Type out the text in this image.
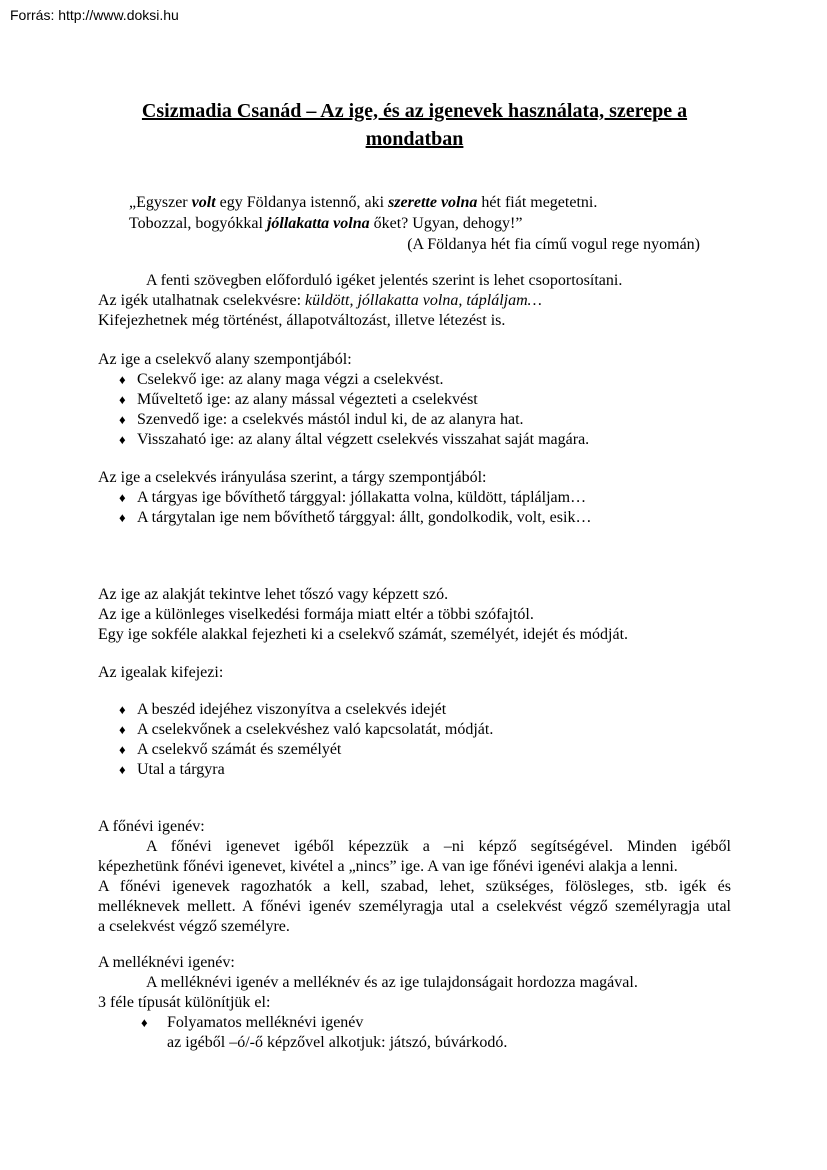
Forrás: http://www.doksi.hu
Csizmadia Csanád – Az ige, és az igenevek használata, szerepe a mondatban
„Egyszer volt egy Földanya istennő, aki szerette volna hét fiát megetetni.
Tobozzal, bogyókkal jóllakatta volna őket? Ugyan, dehogy!”
(A Földanya hét fia című vogul rege nyomán)
A fenti szövegben előforduló igéket jelentés szerint is lehet csoportosítani.
Az igék utalhatnak cselekvésre: küldött, jóllakatta volna, tápláljam…
Kifejezhetnek még történést, állapotváltozást, illetve létezést is.
Az ige a cselekvő alany szempontjából:
♦ Cselekvő ige: az alany maga végzi a cselekvést.
♦ Műveltető ige: az alany mással végezteti a cselekvést
♦ Szenvedő ige: a cselekvés mástól indul ki, de az alanyra hat.
♦ Visszaható ige: az alany által végzett cselekvés visszahat saját magára.
Az ige a cselekvés irányulása szerint, a tárgy szempontjából:
♦ A tárgyas ige bővíthető tárggyal: jóllakatta volna, küldött, tápláljam…
♦ A tárgytalan ige nem bővíthető tárggyal: állt, gondolkodik, volt, esik…
Az ige az alakját tekintve lehet tőszó vagy képzett szó.
Az ige a különleges viselkedési formája miatt eltér a többi szófajtól.
Egy ige sokféle alakkal fejezheti ki a cselekvő számát, személyét, idejét és módját.
Az igealak kifejezi:
♦ A beszéd idejéhez viszonyítva a cselekvés idejét
♦ A cselekvőnek a cselekvéshez való kapcsolatát, módját.
♦ A cselekvő számát és személyét
♦ Utal a tárgyra
A főnévi igenév:
A főnévi igenevet igéből képezzük a –ni képző segítségével. Minden igéből
képezhetünk főnévi igenevet, kivétel a „nincs” ige. A van ige főnévi igenévi alakja a lenni.
A főnévi igenevek ragozhatók a kell, szabad, lehet, szükséges, fölösleges, stb. igék és
melléknevek mellett. A főnévi igenév személyragja utal a cselekvést végző személyragja utal
a cselekvést végző személyre.
A melléknévi igenév:
A melléknévi igenév a melléknév és az ige tulajdonságait hordozza magával.
3 féle típusát különítjük el:
♦ Folyamatos melléknévi igenév
az igéből –ó/-ő képzővel alkotjuk: játszó, búvárkodó.
